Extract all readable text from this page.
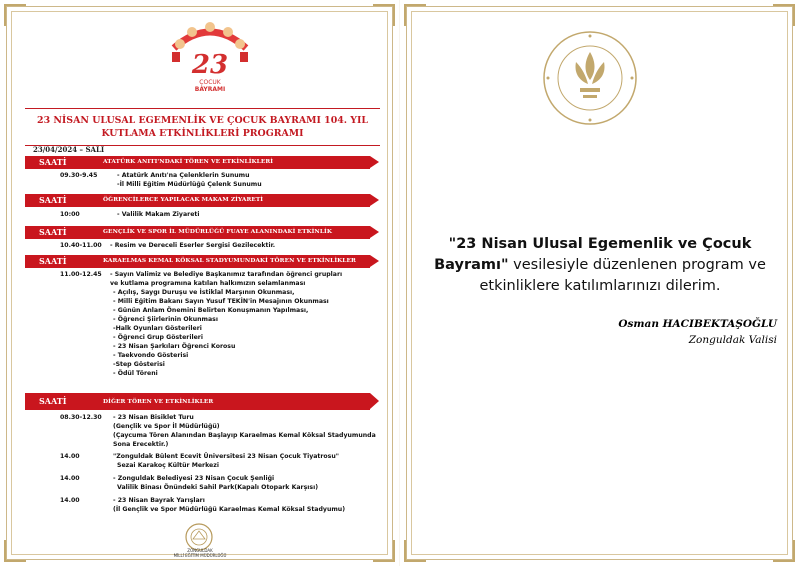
23
ÇOCUK
BAYRAMI
23 NİSAN ULUSAL EGEMENLİK VE ÇOCUK BAYRAMI 104. YIL
KUTLAMA ETKİNLİKLERİ PROGRAMI
23/04/2024 – SALI
SAATİ	ATATÜRK ANITI'NDAKİ TÖREN VE ETKİNLİKLERİ
09.30-9.45	- Atatürk Anıtı'na Çelenklerin Sunumu
-İl Milli Eğitim Müdürlüğü Çelenk Sunumu
SAATİ	ÖĞRENCİLERCE YAPILACAK MAKAM ZİYARETİ
10:00	- Valilik Makam Ziyareti
SAATİ	GENÇLİK VE SPOR İL MÜDÜRLÜĞÜ FUAYE ALANINDAKİ ETKİNLİK
10.40-11.00 - Resim ve Dereceli Eserler Sergisi Gezilecektir.
SAATİ	KARAELMAS KEMAL KÖKSAL STADYUMUNDAKİ TÖREN VE ETKİNLİKLER
11.00-12.45 - Sayın Valimiz ve Belediye Başkanımız tarafından öğrenci grupları
ve kutlama programına katılan halkımızın selamlanması
- Açılış, Saygı Duruşu ve İstiklal Marşının Okunması,
- Milli Eğitim Bakanı Sayın Yusuf TEKİN'in Mesajının Okunması
- Günün Anlam Önemini Belirten Konuşmanın Yapılması,
- Öğrenci Şiirlerinin Okunması
-Halk Oyunları Gösterileri
- Öğrenci Grup Gösterileri
- 23 Nisan Şarkıları Öğrenci Korosu
- Taekvondo Gösterisi
-Step Gösterisi
- Ödül Töreni
SAATİ	DİĞER TÖREN VE ETKİNLİKLER
08.30-12.30 - 23 Nisan Bisiklet Turu
(Gençlik ve Spor İl Müdürlüğü)
(Çaycuma Tören Alanından Başlayıp Karaelmas Kemal Köksal Stadyumunda
Sona Erecektir.)
14.00	"Zonguldak Bülent Ecevit Üniversitesi 23 Nisan Çocuk Tiyatrosu"
Sezai Karakoç Kültür Merkezi
14.00	- Zonguldak Belediyesi 23 Nisan Çocuk Şenliği
Valilik Binası Önündeki Sahil Park(Kapalı Otopark Karşısı)
14.00	- 23 Nisan Bayrak Yarışları
(İl Gençlik ve Spor Müdürlüğü Karaelmas Kemal Köksal Stadyumu)
ZONGULDAK
MİLLİ EĞİTİM MÜDÜRLÜĞÜ
"23 Nisan Ulusal Egemenlik ve Çocuk Bayramı" vesilesiyle düzenlenen program ve etkinliklere katılımlarınızı dilerim.
Osman HACIBEKTAŞOĞLU
Zonguldak Valisi
